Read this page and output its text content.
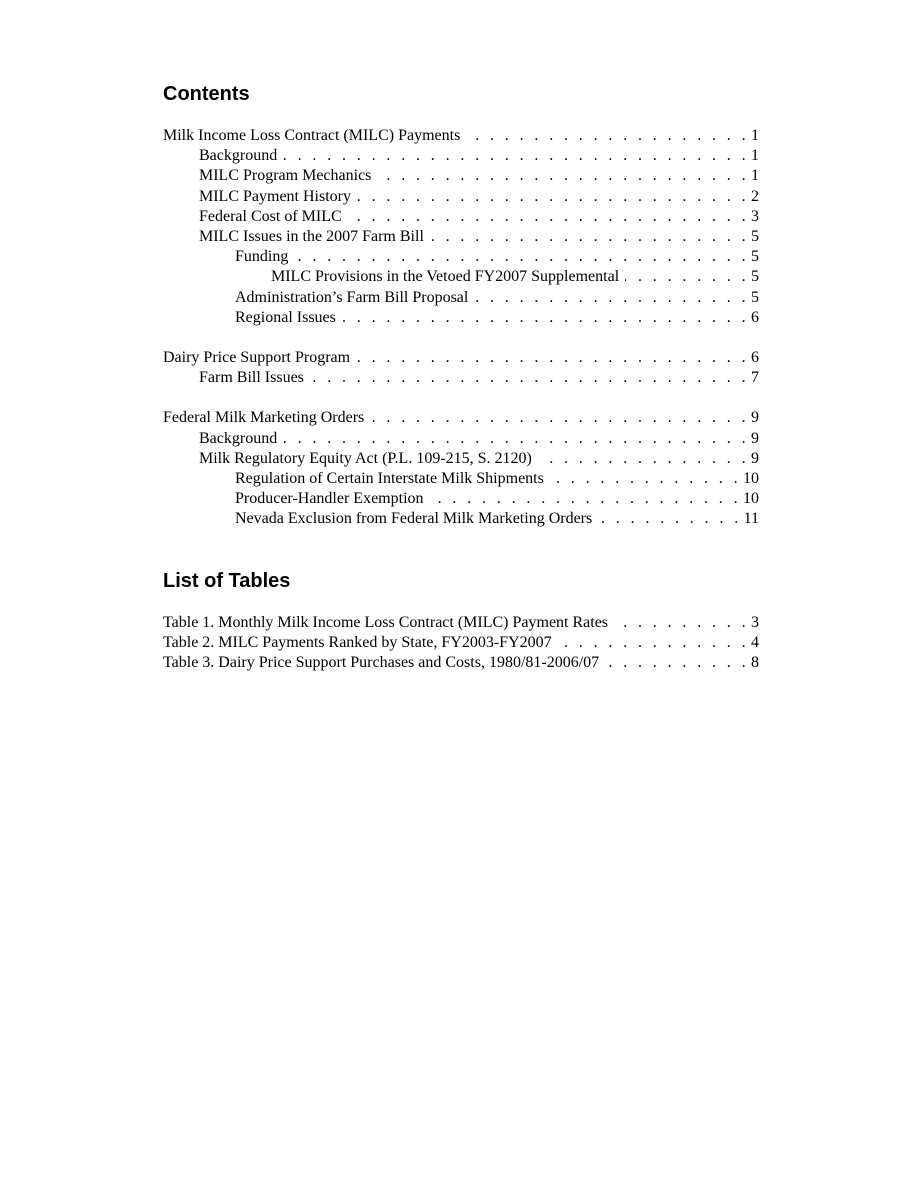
Contents
Milk Income Loss Contract (MILC) Payments . . .	1
Background . . .	1
MILC Program Mechanics . . .	1
MILC Payment History . . .	2
Federal Cost of MILC . . .	3
MILC Issues in the 2007 Farm Bill . . .	5
Funding . . .	5
MILC Provisions in the Vetoed FY2007 Supplemental . . .	5
Administration’s Farm Bill Proposal . . .	5
Regional Issues . . .	6
Dairy Price Support Program . . .	6
Farm Bill Issues . . .	7
Federal Milk Marketing Orders . . .	9
Background . . .	9
Milk Regulatory Equity Act (P.L. 109-215, S. 2120) . . .	9
Regulation of Certain Interstate Milk Shipments . . .	10
Producer-Handler Exemption . . .	10
Nevada Exclusion from Federal Milk Marketing Orders . . .	11
List of Tables
Table 1. Monthly Milk Income Loss Contract (MILC) Payment Rates . . .	3
Table 2. MILC Payments Ranked by State, FY2003-FY2007 . . .	4
Table 3. Dairy Price Support Purchases and Costs, 1980/81-2006/07 . . .	8
